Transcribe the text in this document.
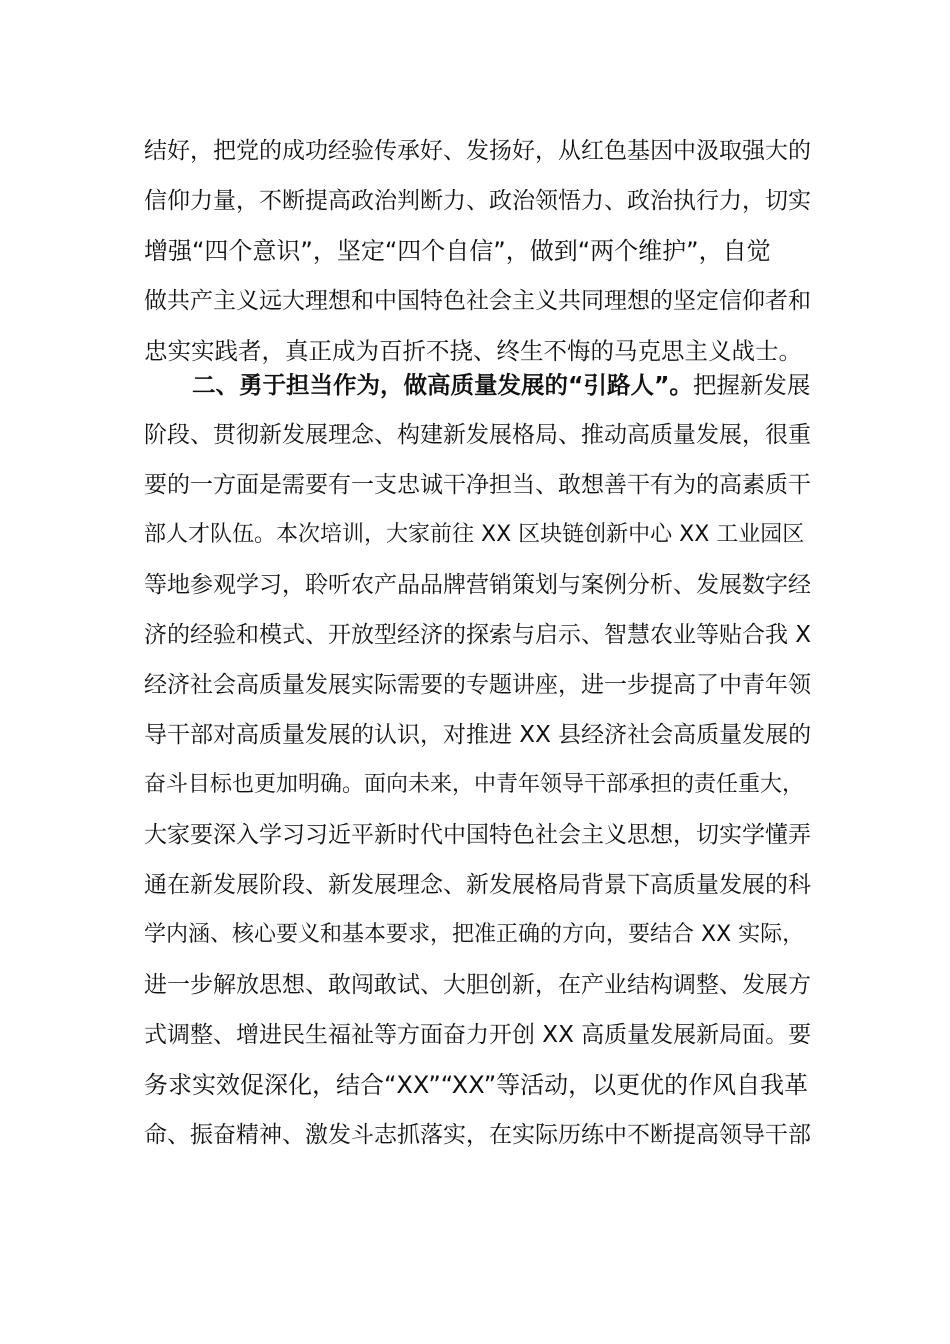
结好，把党的成功经验传承好、发扬好，从红色基因中汲取强大的
信仰力量，不断提高政治判断力、政治领悟力、政治执行力，切实
增强“四个意识”，坚定“四个自信”，做到“两个维护”，自觉
做共产主义远大理想和中国特色社会主义共同理想的坚定信仰者和
忠实实践者，真正成为百折不挠、终生不悔的马克思主义战士。
二、勇于担当作为，做高质量发展的“引路人”。把握新发展
阶段、贯彻新发展理念、构建新发展格局、推动高质量发展，很重
要的一方面是需要有一支忠诚干净担当、敢想善干有为的高素质干
部人才队伍。本次培训，大家前往 XX 区块链创新中心 XX 工业园区
等地参观学习，聆听农产品品牌营销策划与案例分析、发展数字经
济的经验和模式、开放型经济的探索与启示、智慧农业等贴合我 X
经济社会高质量发展实际需要的专题讲座，进一步提高了中青年领
导干部对高质量发展的认识，对推进 XX 县经济社会高质量发展的
奋斗目标也更加明确。面向未来，中青年领导干部承担的责任重大，
大家要深入学习习近平新时代中国特色社会主义思想，切实学懂弄
通在新发展阶段、新发展理念、新发展格局背景下高质量发展的科
学内涵、核心要义和基本要求，把准正确的方向，要结合 XX 实际，
进一步解放思想、敢闯敢试、大胆创新，在产业结构调整、发展方
式调整、增进民生福祉等方面奋力开创 XX 高质量发展新局面。要
务求实效促深化，结合“XX”“XX”等活动，以更优的作风自我革
命、振奋精神、激发斗志抓落实，在实际历练中不断提高领导干部
